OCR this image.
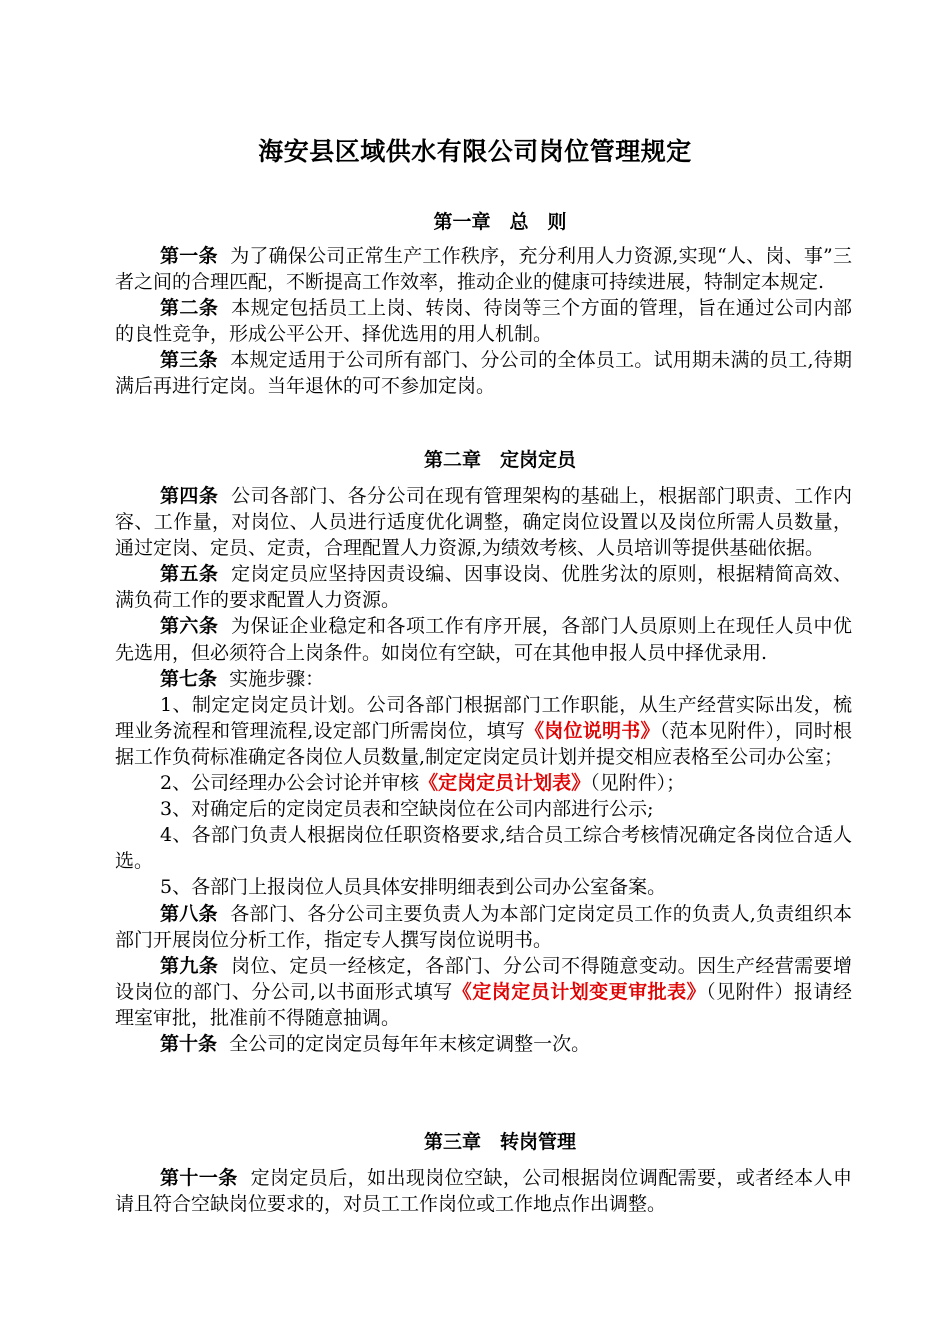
海安县区域供水有限公司岗位管理规定
第一章　总　则

第一条 为了确保公司正常生产工作秩序，充分利用人力资源,实现“人、岗、事”三者之间的合理匹配，不断提高工作效率，推动企业的健康可持续进展，特制定本规定.

第二条 本规定包括员工上岗、转岗、待岗等三个方面的管理，旨在通过公司内部的良性竞争，形成公平公开、择优选用的用人机制。

第三条 本规定适用于公司所有部门、分公司的全体员工。试用期未满的员工,待期满后再进行定岗。当年退休的可不参加定岗。

第二章　定岗定员

第四条 公司各部门、各分公司在现有管理架构的基础上，根据部门职责、工作内容、工作量，对岗位、人员进行适度优化调整，确定岗位设置以及岗位所需人员数量，通过定岗、定员、定责，合理配置人力资源,为绩效考核、人员培训等提供基础依据。

第五条 定岗定员应坚持因责设编、因事设岗、优胜劣汰的原则，根据精简高效、满负荷工作的要求配置人力资源。

第六条 为保证企业稳定和各项工作有序开展，各部门人员原则上在现任人员中优先选用，但必须符合上岗条件。如岗位有空缺，可在其他申报人员中择优录用.

第七条 实施步骤：

1、制定定岗定员计划。公司各部门根据部门工作职能，从生产经营实际出发，梳理业务流程和管理流程,设定部门所需岗位，填写《岗位说明书》（范本见附件），同时根据工作负荷标准确定各岗位人员数量,制定定岗定员计划并提交相应表格至公司办公室；

2、公司经理办公会讨论并审核《定岗定员计划表》（见附件）；

3、对确定后的定岗定员表和空缺岗位在公司内部进行公示;

4、各部门负责人根据岗位任职资格要求,结合员工综合考核情况确定各岗位合适人选。

5、各部门上报岗位人员具体安排明细表到公司办公室备案。

第八条 各部门、各分公司主要负责人为本部门定岗定员工作的负责人,负责组织本部门开展岗位分析工作，指定专人撰写岗位说明书。

第九条 岗位、定员一经核定，各部门、分公司不得随意变动。因生产经营需要增设岗位的部门、分公司,以书面形式填写《定岗定员计划变更审批表》（见附件）报请经理室审批，批准前不得随意抽调。

第十条 全公司的定岗定员每年年末核定调整一次。

第三章　转岗管理

第十一条 定岗定员后，如出现岗位空缺，公司根据岗位调配需要，或者经本人申请且符合空缺岗位要求的，对员工工作岗位或工作地点作出调整。
